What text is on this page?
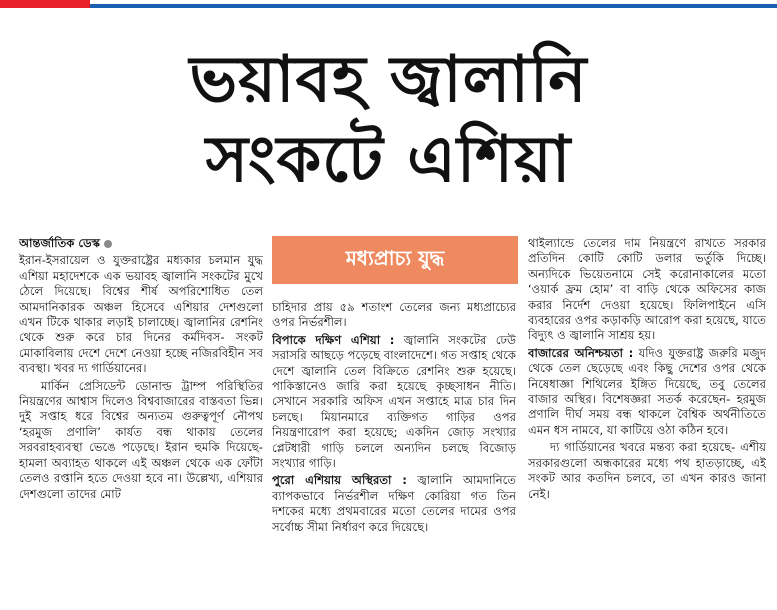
ভয়াবহ জ্বালানি
সংকটে এশিয়া

আন্তর্জাতিক ডেস্ক

ইরান-ইসরায়েল ও যুক্তরাষ্ট্রের মধ্যকার চলমান যুদ্ধ এশিয়া মহাদেশকে এক ভয়াবহ জ্বালানি সংকটের মুখে ঠেলে দিয়েছে। বিশ্বের শীর্ষ অপরিশোধিত তেল আমদানিকারক অঞ্চল হিসেবে এশিয়ার দেশগুলো এখন টিকে থাকার লড়াই চালাচ্ছে। জ্বালানির রেশনিং থেকে শুরু করে চার দিনের কর্মদিবস- সংকট মোকাবিলায় দেশে দেশে নেওয়া হচ্ছে নজিরবিহীন সব ব্যবস্থা। খবর দ্য গার্ডিয়ানের।

মার্কিন প্রেসিডেন্ট ডোনাল্ড ট্রাম্প পরিস্থিতির নিয়ন্ত্রণের আশ্বাস দিলেও বিশ্ববাজারের বাস্তবতা ভিন্ন। দুই সপ্তাহ ধরে বিশ্বের অন্যতম গুরুত্বপূর্ণ নৌপথ ‘হরমুজ প্রণালি’ কার্যত বন্ধ থাকায় তেলের সরবরাহব্যবস্থা ভেঙে পড়েছে। ইরান হুমকি দিয়েছে- হামলা অব্যাহত থাকলে এই অঞ্চল থেকে এক ফোঁটা তেলও রপ্তানি হতে দেওয়া হবে না। উল্লেখ্য, এশিয়ার দেশগুলো তাদের মোট

মধ্যপ্রাচ্য যুদ্ধ

চাহিদার প্রায় ৫৯ শতাংশ তেলের জন্য মধ্যপ্রাচ্যের ওপর নির্ভরশীল।

বিপাকে দক্ষিণ এশিয়া : জ্বালানি সংকটের ঢেউ সরাসরি আছড়ে পড়েছে বাংলাদেশে। গত সপ্তাহ থেকে দেশে জ্বালানি তেল বিক্রিতে রেশনিং শুরু হয়েছে। পাকিস্তানেও জারি করা হয়েছে কৃচ্ছসাধন নীতি। সেখানে সরকারি অফিস এখন সপ্তাহে মাত্র চার দিন চলছে। মিয়ানমারে ব্যক্তিগত গাড়ির ওপর নিয়ন্ত্রণারোপ করা হয়েছে; একদিন জোড় সংখ্যার প্লেটধারী গাড়ি চললে অন্যদিন চলছে বিজোড় সংখ্যার গাড়ি।

পুরো এশিয়ায় অস্থিরতা : জ্বালানি আমদানিতে ব্যাপকভাবে নির্ভরশীল দক্ষিণ কোরিয়া গত তিন দশকের মধ্যে প্রথমবারের মতো তেলের দামের ওপর সর্বোচ্চ সীমা নির্ধারণ করে দিয়েছে।

থাইল্যান্ডে তেলের দাম নিয়ন্ত্রণে রাখতে সরকার প্রতিদিন কোটি কোটি ডলার ভর্তুকি দিচ্ছে। অন্যদিকে ভিয়েতনামে সেই করোনাকালের মতো ‘ওয়ার্ক ফ্রম হোম’ বা বাড়ি থেকে অফিসের কাজ করার নির্দেশ দেওয়া হয়েছে। ফিলিপাইনে এসি ব্যবহারের ওপর কড়াকড়ি আরোপ করা হয়েছে, যাতে বিদ্যুৎ ও জ্বালানি সাশ্রয় হয়।

বাজারের অনিশ্চয়তা : যদিও যুক্তরাষ্ট্র জরুরি মজুদ থেকে তেল ছেড়েছে এবং কিছু দেশের ওপর থেকে নিষেধাজ্ঞা শিথিলের ইঙ্গিত দিয়েছে, তবু তেলের বাজার অস্থির। বিশেষজ্ঞরা সতর্ক করেছেন- হরমুজ প্রণালি দীর্ঘ সময় বন্ধ থাকলে বৈশ্বিক অর্থনীতিতে এমন ধস নামবে, যা কাটিয়ে ওঠা কঠিন হবে।

দ্য গার্ডিয়ানের খবরে মন্তব্য করা হয়েছে- এশীয় সরকারগুলো অন্ধকারের মধ্যে পথ হাতড়াচ্ছে, এই সংকট আর কতদিন চলবে, তা এখন কারও জানা নেই।
